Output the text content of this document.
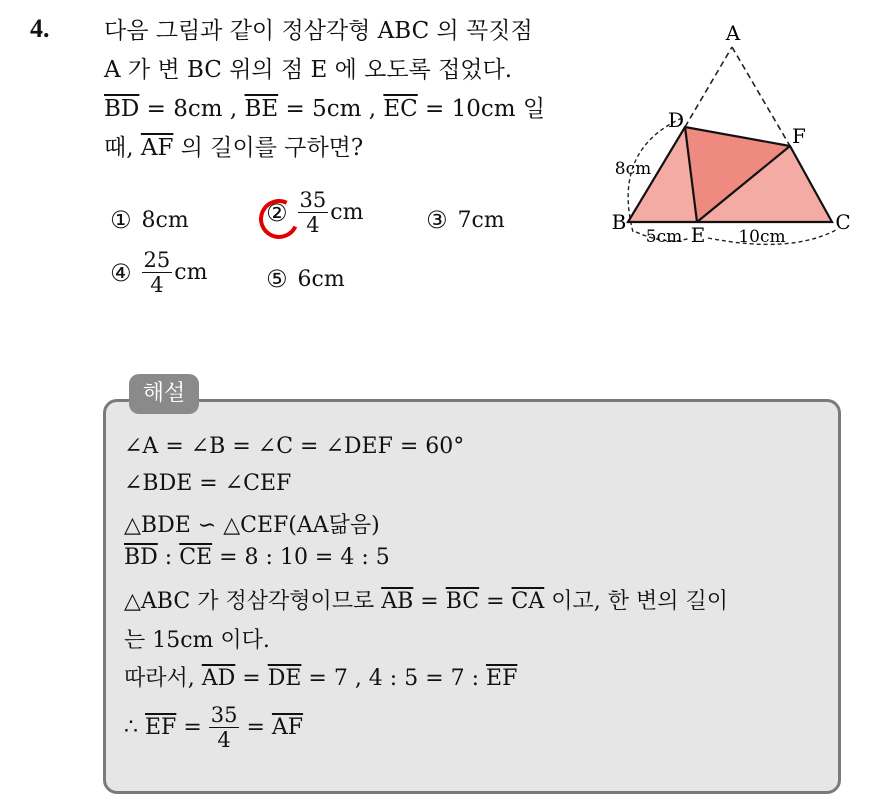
4. 다음 그림과 같이 정삼각형 ABC 의 꼭짓점
A 가 변 BC 위의 점 E 에 오도록 접었다.
$\overline{BD} = 8cm$ , $\overline{BE} = 5cm$ , $\overline{EC} = 10cm$ 일
때, $\overline{AF}$ 의 길이를 구하면?
① 8cm	② $\frac{35}{4}$ cm	③ 7cm
④ $\frac{25}{4}$ cm ⑤ 6cm
A
D
F
B
E
C
8cm
5cm	10cm
해설
∠A = ∠B = ∠C = ∠DEF = 60°
∠BDE = ∠CEF
△BDE ∽ △CEF(AA닮음)
$\overline{BD}$ : $\overline{CE} = 8$ : 10 = 4 : 5
△ABC 가 정삼각형이므로 $\overline{AB} = \overline{BC} = \overline{CA}$ 이고, 한 변의 길이
는 15cm 이다.
따라서, $\overline{AD} = \overline{DE} = 7$ , 4 : 5 = 7 : $\overline{EF}$
∴ $\overline{EF} = \frac{35}{4} = \overline{AF}$
